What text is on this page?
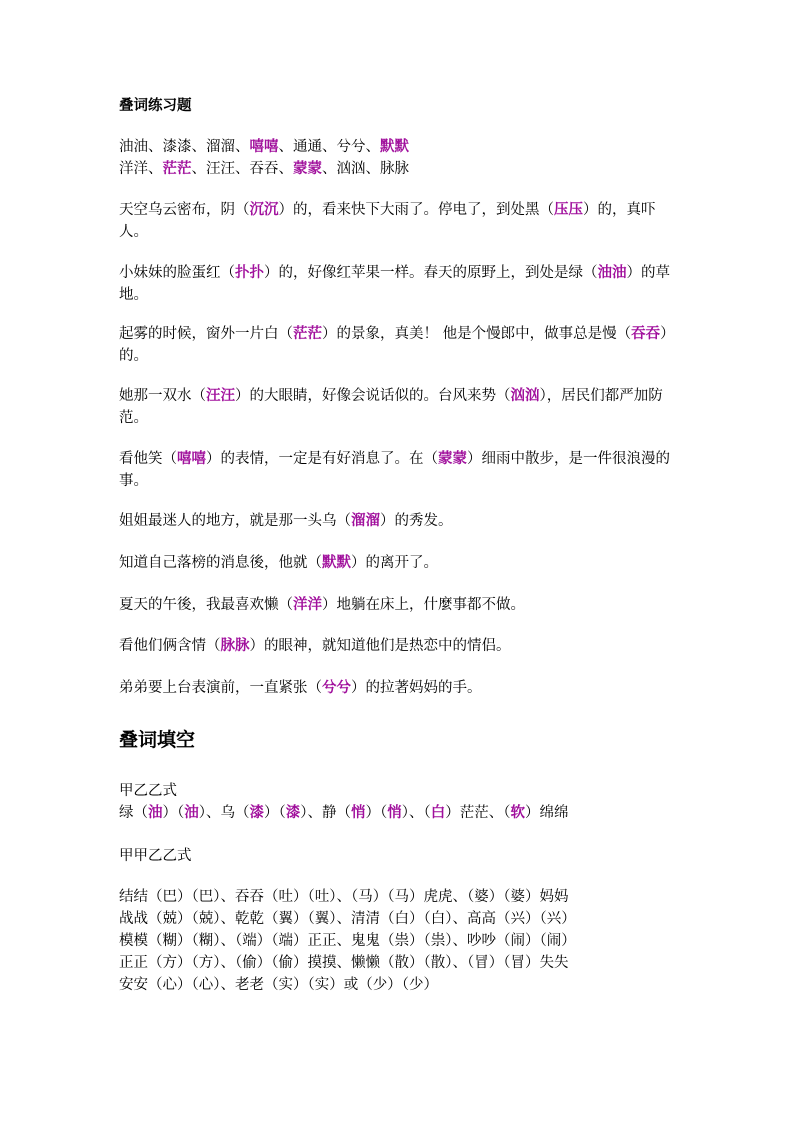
叠词练习题
油油、漆漆、溜溜、嘻嘻、通通、兮兮、默默
洋洋、茫茫、汪汪、吞吞、蒙蒙、汹汹、脉脉
天空乌云密布，阴（沉沉）的，看来快下大雨了。停电了，到处黑（压压）的，真吓人。
小妹妹的脸蛋红（扑扑）的，好像红苹果一样。春天的原野上，到处是绿（油油）的草地。
起雾的时候，窗外一片白（茫茫）的景象，真美！ 他是个慢郎中，做事总是慢（吞吞）的。
她那一双水（汪汪）的大眼睛，好像会说话似的。台风来势（汹汹），居民们都严加防范。
看他笑（嘻嘻）的表情，一定是有好消息了。在（蒙蒙）细雨中散步，是一件很浪漫的事。
姐姐最迷人的地方，就是那一头乌（溜溜）的秀发。
知道自己落榜的消息後，他就（默默）的离开了。
夏天的午後，我最喜欢懒（洋洋）地躺在床上，什麼事都不做。
看他们俩含情（脉脉）的眼神，就知道他们是热恋中的情侣。
弟弟要上台表演前，一直紧张（兮兮）的拉著妈妈的手。
叠词填空
甲乙乙式
绿（油）（油）、乌（漆）（漆）、静（悄）（悄）、（白）茫茫、（软）绵绵
甲甲乙乙式
结结（巴）（巴）、吞吞（吐）（吐）、（马）（马）虎虎、（婆）（婆）妈妈
战战（兢）（兢）、乾乾（翼）（翼）、清清（白）（白）、高高（兴）（兴）
模模（糊）（糊）、（端）（端）正正、鬼鬼（祟）（祟）、吵吵（闹）（闹）
正正（方）（方）、（偷）（偷）摸摸、懒懒（散）（散）、（冒）（冒）失失
安安（心）（心）、老老（实）（实）或（少）（少）
